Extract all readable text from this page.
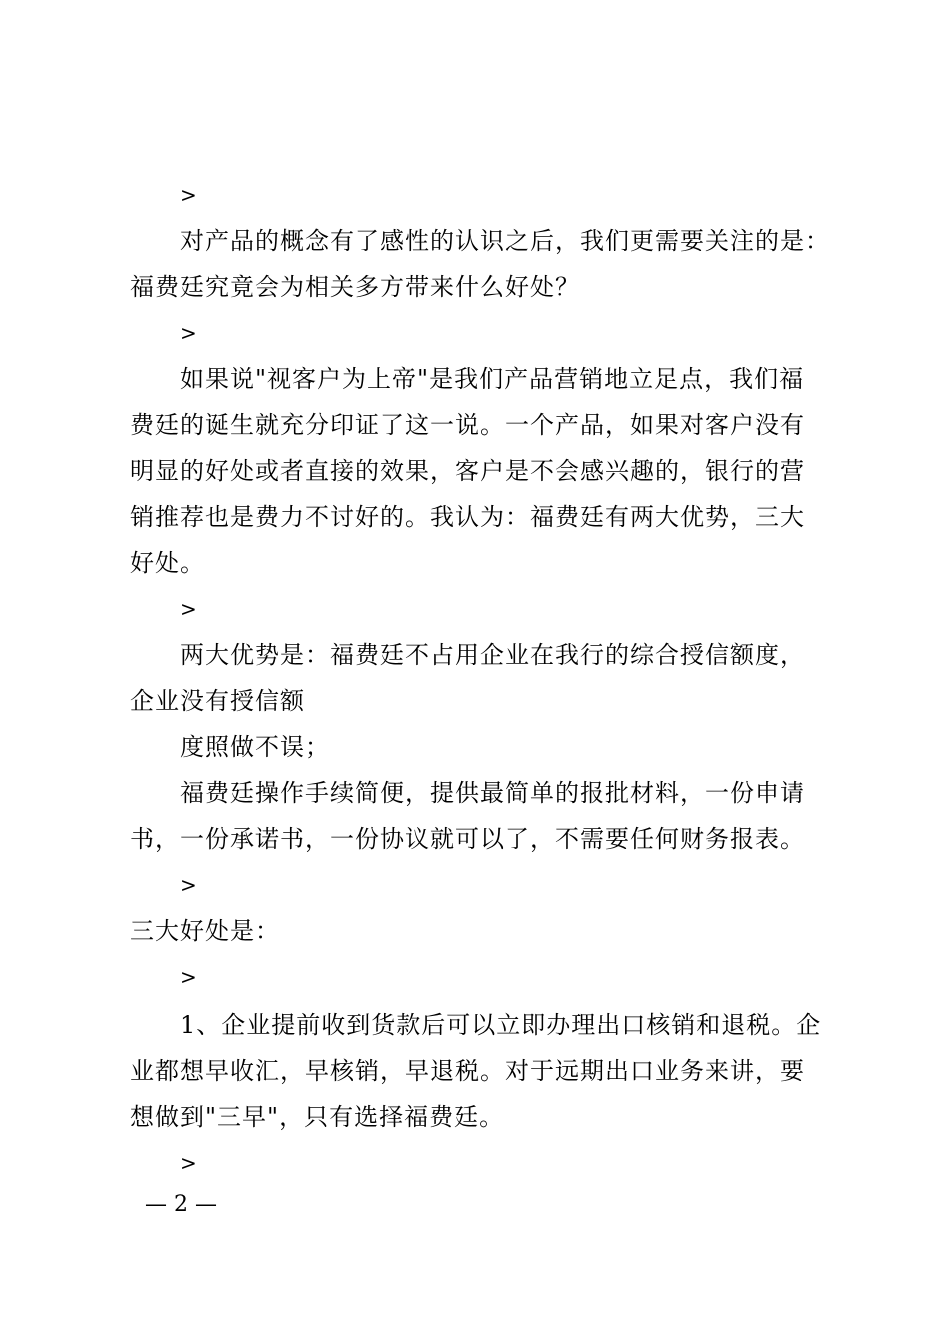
>
对产品的概念有了感性的认识之后，我们更需要关注的是：
福费廷究竟会为相关多方带来什么好处？
>
如果说"视客户为上帝"是我们产品营销地立足点，我们福
费廷的诞生就充分印证了这一说。一个产品，如果对客户没有
明显的好处或者直接的效果，客户是不会感兴趣的，银行的营
销推荐也是费力不讨好的。我认为：福费廷有两大优势，三大
好处。
>
两大优势是：福费廷不占用企业在我行的综合授信额度，
企业没有授信额
度照做不误；
福费廷操作手续简便，提供最简单的报批材料，一份申请
书，一份承诺书，一份协议就可以了，不需要任何财务报表。
>
三大好处是：
>
1、企业提前收到货款后可以立即办理出口核销和退税。企
业都想早收汇，早核销，早退税。对于远期出口业务来讲，要
想做到"三早"，只有选择福费廷。
>
— 2 —
